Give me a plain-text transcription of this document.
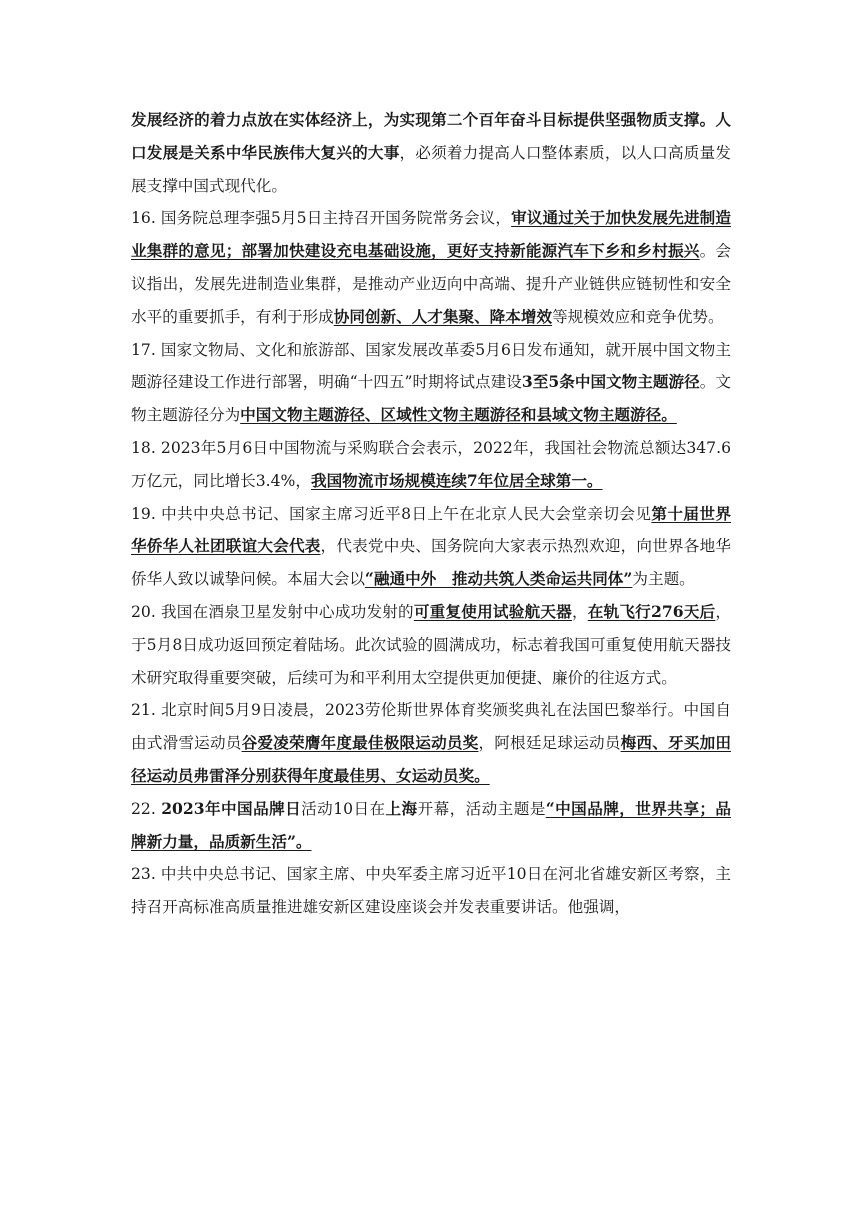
发展经济的着力点放在实体经济上，为实现第二个百年奋斗目标提供坚强物质支撑。人口发展是关系中华民族伟大复兴的大事，必须着力提高人口整体素质，以人口高质量发展支撑中国式现代化。

16. 国务院总理李强5月5日主持召开国务院常务会议，审议通过关于加快发展先进制造业集群的意见；部署加快建设充电基础设施，更好支持新能源汽车下乡和乡村振兴。会议指出，发展先进制造业集群，是推动产业迈向中高端、提升产业链供应链韧性和安全水平的重要抓手，有利于形成协同创新、人才集聚、降本增效等规模效应和竞争优势。

17. 国家文物局、文化和旅游部、国家发展改革委5月6日发布通知，就开展中国文物主题游径建设工作进行部署，明确“十四五”时期将试点建设3至5条中国文物主题游径。文物主题游径分为中国文物主题游径、区域性文物主题游径和县域文物主题游径。

18. 2023年5月6日中国物流与采购联合会表示，2022年，我国社会物流总额达347.6万亿元，同比增长3.4%，我国物流市场规模连续7年位居全球第一。

19. 中共中央总书记、国家主席习近平8日上午在北京人民大会堂亲切会见第十届世界华侨华人社团联谊大会代表，代表党中央、国务院向大家表示热烈欢迎，向世界各地华侨华人致以诚挚问候。本届大会以“融通中外　推动共筑人类命运共同体”为主题。

20. 我国在酒泉卫星发射中心成功发射的可重复使用试验航天器，在轨飞行276天后，于5月8日成功返回预定着陆场。此次试验的圆满成功，标志着我国可重复使用航天器技术研究取得重要突破，后续可为和平利用太空提供更加便捷、廉价的往返方式。

21. 北京时间5月9日凌晨，2023劳伦斯世界体育奖颁奖典礼在法国巴黎举行。中国自由式滑雪运动员谷爱凌荣膺年度最佳极限运动员奖，阿根廷足球运动员梅西、牙买加田径运动员弗雷泽分别获得年度最佳男、女运动员奖。

22. 2023年中国品牌日活动10日在上海开幕，活动主题是“中国品牌，世界共享；品牌新力量，品质新生活”。

23. 中共中央总书记、国家主席、中央军委主席习近平10日在河北省雄安新区考察，主持召开高标准高质量推进雄安新区建设座谈会并发表重要讲话。他强调，
